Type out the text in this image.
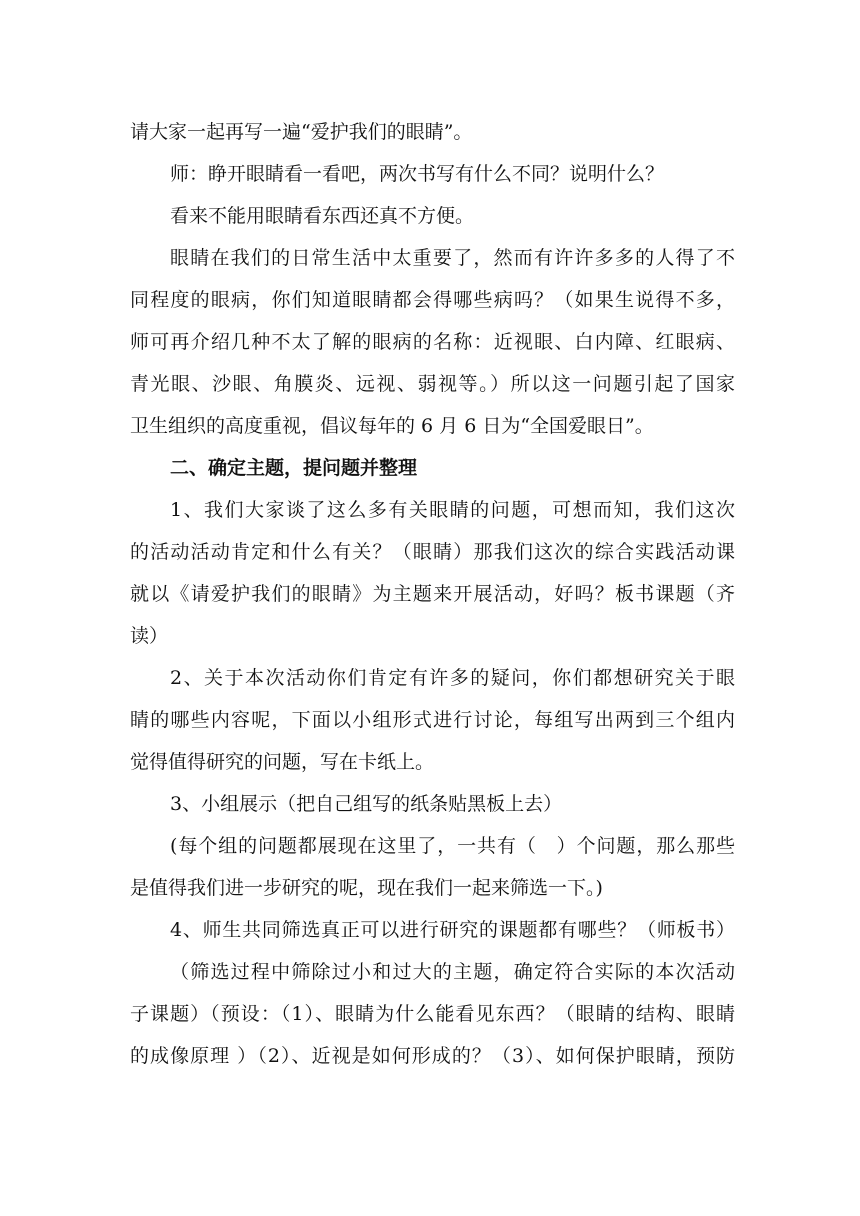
请大家一起再写一遍“爱护我们的眼睛”。
师：睁开眼睛看一看吧，两次书写有什么不同？说明什么？
看来不能用眼睛看东西还真不方便。
眼睛在我们的日常生活中太重要了，然而有许许多多的人得了不
同程度的眼病，你们知道眼睛都会得哪些病吗？（如果生说得不多，
师可再介绍几种不太了解的眼病的名称：近视眼、白内障、红眼病、
青光眼、沙眼、角膜炎、远视、弱视等。）所以这一问题引起了国家
卫生组织的高度重视，倡议每年的 6 月 6 日为“全国爱眼日”。
二、确定主题，提问题并整理
1、我们大家谈了这么多有关眼睛的问题，可想而知，我们这次
的活动活动肯定和什么有关？（眼睛）那我们这次的综合实践活动课
就以《请爱护我们的眼睛》为主题来开展活动，好吗？板书课题（齐
读）
2、关于本次活动你们肯定有许多的疑问，你们都想研究关于眼
睛的哪些内容呢，下面以小组形式进行讨论，每组写出两到三个组内
觉得值得研究的问题，写在卡纸上。
3、小组展示（把自己组写的纸条贴黑板上去）
(每个组的问题都展现在这里了，一共有（　）个问题，那么那些
是值得我们进一步研究的呢，现在我们一起来筛选一下。)
4、师生共同筛选真正可以进行研究的课题都有哪些？（师板书）
（筛选过程中筛除过小和过大的主题，确定符合实际的本次活动
子课题）（预设：（1）、眼睛为什么能看见东西？（眼睛的结构、眼睛
的成像原理 ）（2）、近视是如何形成的？（3）、如何保护眼睛，预防
